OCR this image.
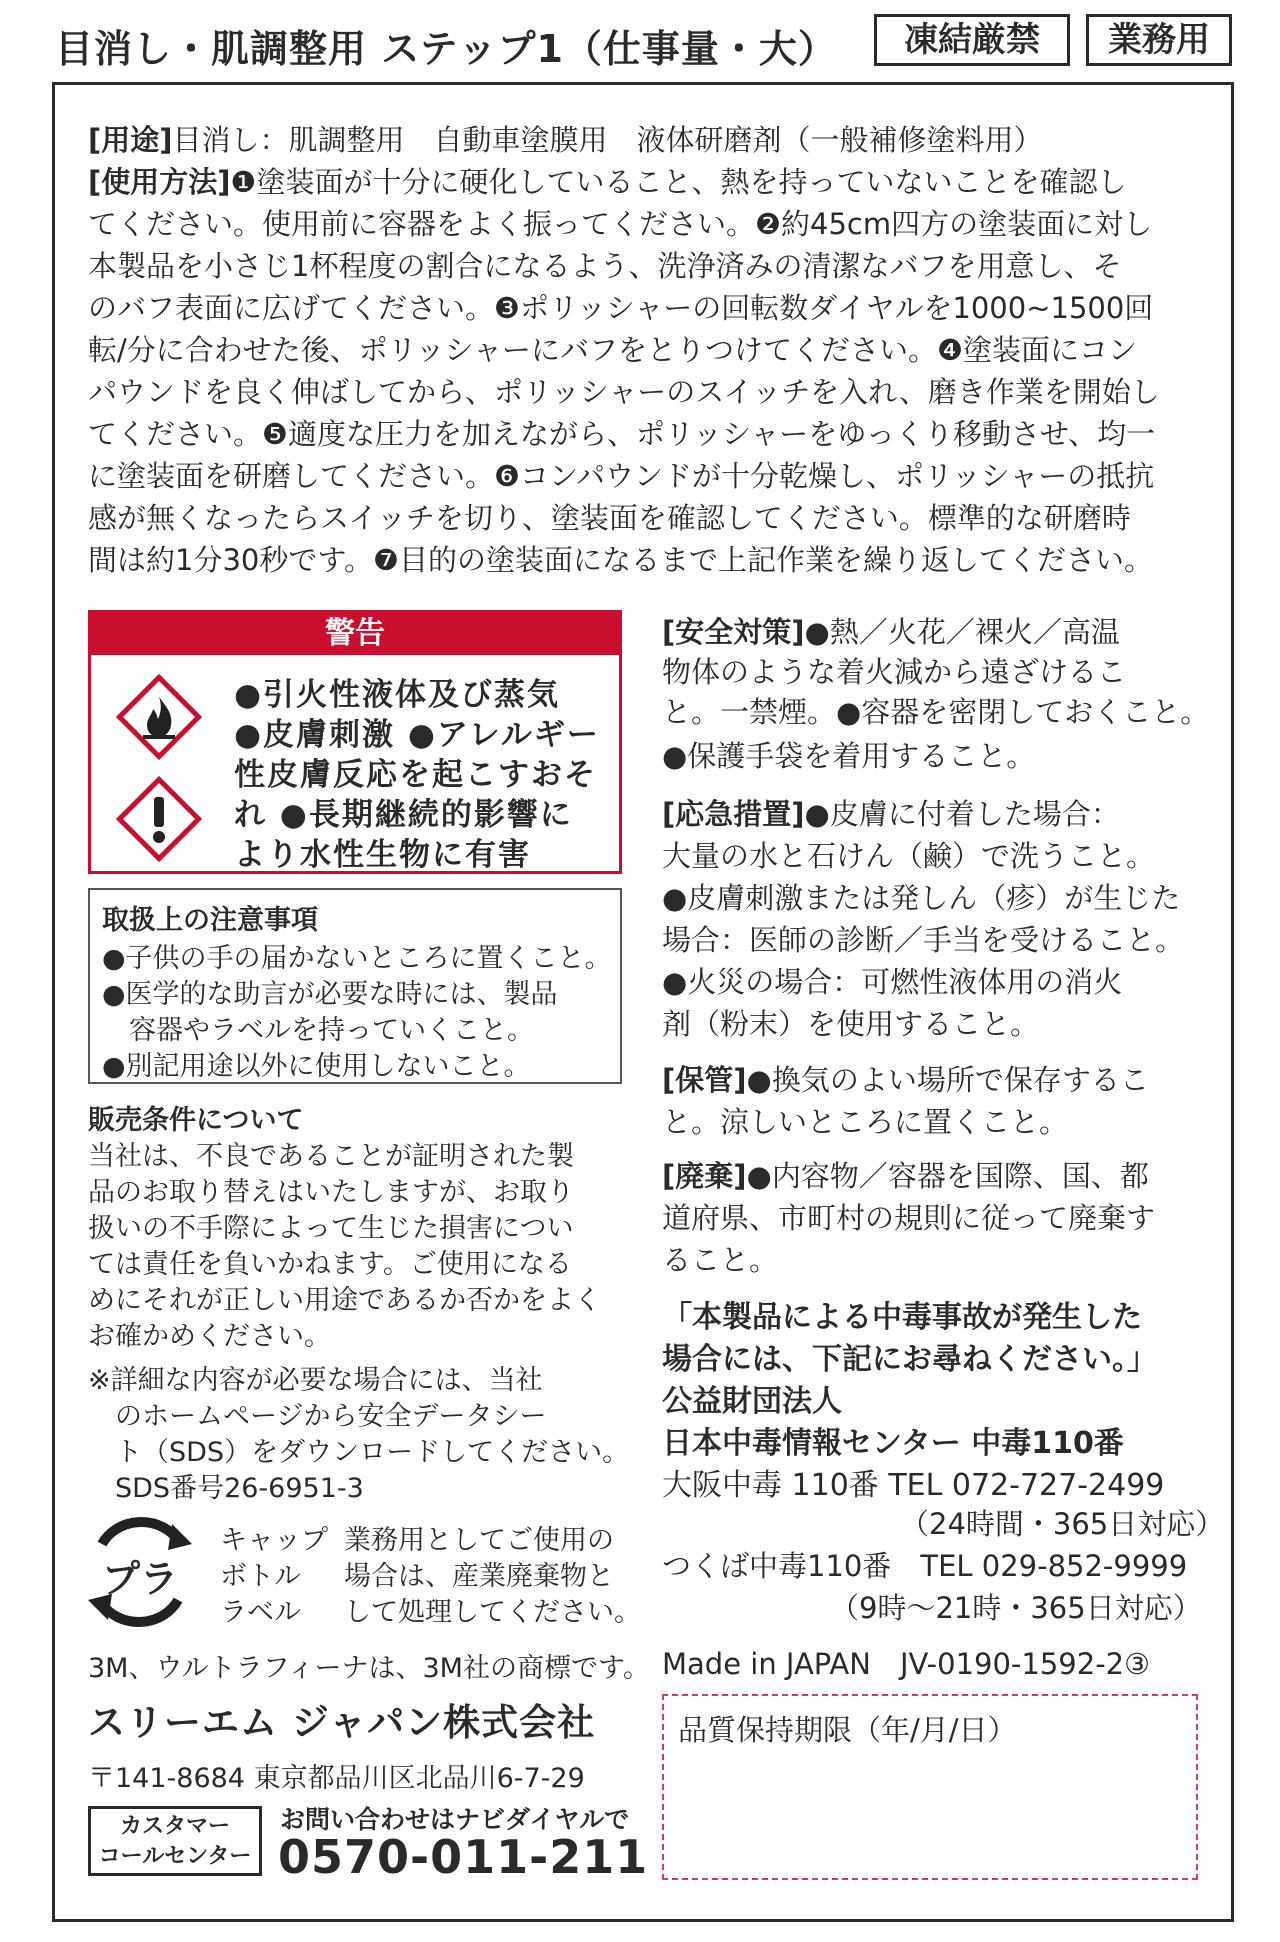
目消し・肌調整用 ステップ1（仕事量・大）	凍結厳禁	業務用
[用途]目消し：肌調整用　自動車塗膜用　液体研磨剤（一般補修塗料用）
[使用方法]❶塗装面が十分に硬化していること、熱を持っていないことを確認し
てください。使用前に容器をよく振ってください。❷約45cm四方の塗装面に対し
本製品を小さじ1杯程度の割合になるよう、洗浄済みの清潔なバフを用意し、そ
のバフ表面に広げてください。❸ポリッシャーの回転数ダイヤルを1000~1500回
転/分に合わせた後、ポリッシャーにバフをとりつけてください。❹塗装面にコン
パウンドを良く伸ばしてから、ポリッシャーのスイッチを入れ、磨き作業を開始し
てください。❺適度な圧力を加えながら、ポリッシャーをゆっくり移動させ、均一
に塗装面を研磨してください。❻コンパウンドが十分乾燥し、ポリッシャーの抵抗
感が無くなったらスイッチを切り、塗装面を確認してください。標準的な研磨時
間は約1分30秒です。❼目的の塗装面になるまで上記作業を繰り返してください。
警告
●引火性液体及び蒸気
●皮膚刺激 ●アレルギー
性皮膚反応を起こすおそ
れ ●長期継続的影響に
より水性生物に有害
取扱上の注意事項
●子供の手の届かないところに置くこと。
●医学的な助言が必要な時には、製品
　容器やラベルを持っていくこと。
●別記用途以外に使用しないこと。
販売条件について
当社は、不良であることが証明された製
品のお取り替えはいたしますが、お取り
扱いの不手際によって生じた損害につい
ては責任を負いかねます。ご使用になる
めにそれが正しい用途であるか否かをよく
お確かめください。
※詳細な内容が必要な場合には、当社
　のホームページから安全データシー
　ト（SDS）をダウンロードしてください。
　SDS番号26-6951-3
プラ
キャップ
ボトル
ラベル
業務用としてご使用の
場合は、産業廃棄物と
して処理してください。
3M、ウルトラフィーナは、3M社の商標です。
スリーエム ジャパン株式会社
〒141-8684 東京都品川区北品川6-7-29
カスタマー
コールセンター
お問い合わせはナビダイヤルで
0570-011-211
[安全対策]●熱／火花／裸火／高温
物体のような着火減から遠ざけるこ
と。一禁煙。●容器を密閉しておくこと。
●保護手袋を着用すること。
[応急措置]●皮膚に付着した場合：
大量の水と石けん（鹸）で洗うこと。
●皮膚刺激または発しん（疹）が生じた
場合：医師の診断／手当を受けること。
●火災の場合：可燃性液体用の消火
剤（粉末）を使用すること。
[保管]●換気のよい場所で保存するこ
と。涼しいところに置くこと。
[廃棄]●内容物／容器を国際、国、都
道府県、市町村の規則に従って廃棄す
ること。
「本製品による中毒事故が発生した
場合には、下記にお尋ねください。」
公益財団法人
日本中毒情報センター 中毒110番
大阪中毒 110番 TEL 072-727-2499
（24時間・365日対応）
つくば中毒110番　TEL 029-852-9999
（9時～21時・365日対応）
Made in JAPAN　JV-0190-1592-2③
品質保持期限（年/月/日）
